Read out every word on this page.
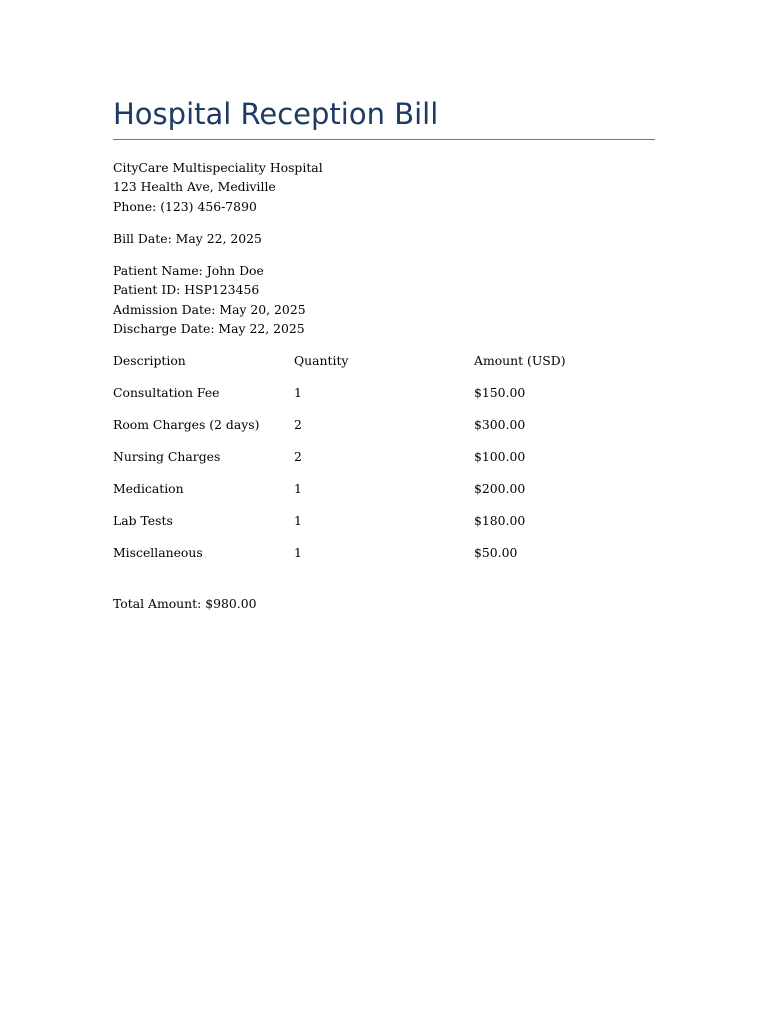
Hospital Reception Bill
CityCare Multispeciality Hospital
123 Health Ave, Mediville
Phone: (123) 456-7890
Bill Date: May 22, 2025
Patient Name: John Doe
Patient ID: HSP123456
Admission Date: May 20, 2025
Discharge Date: May 22, 2025
Description	Quantity	Amount (USD)
Consultation Fee	1	$150.00
Room Charges (2 days)	2	$300.00
Nursing Charges	2	$100.00
Medication	1	$200.00
Lab Tests	1	$180.00
Miscellaneous	1	$50.00
Total Amount: $980.00
